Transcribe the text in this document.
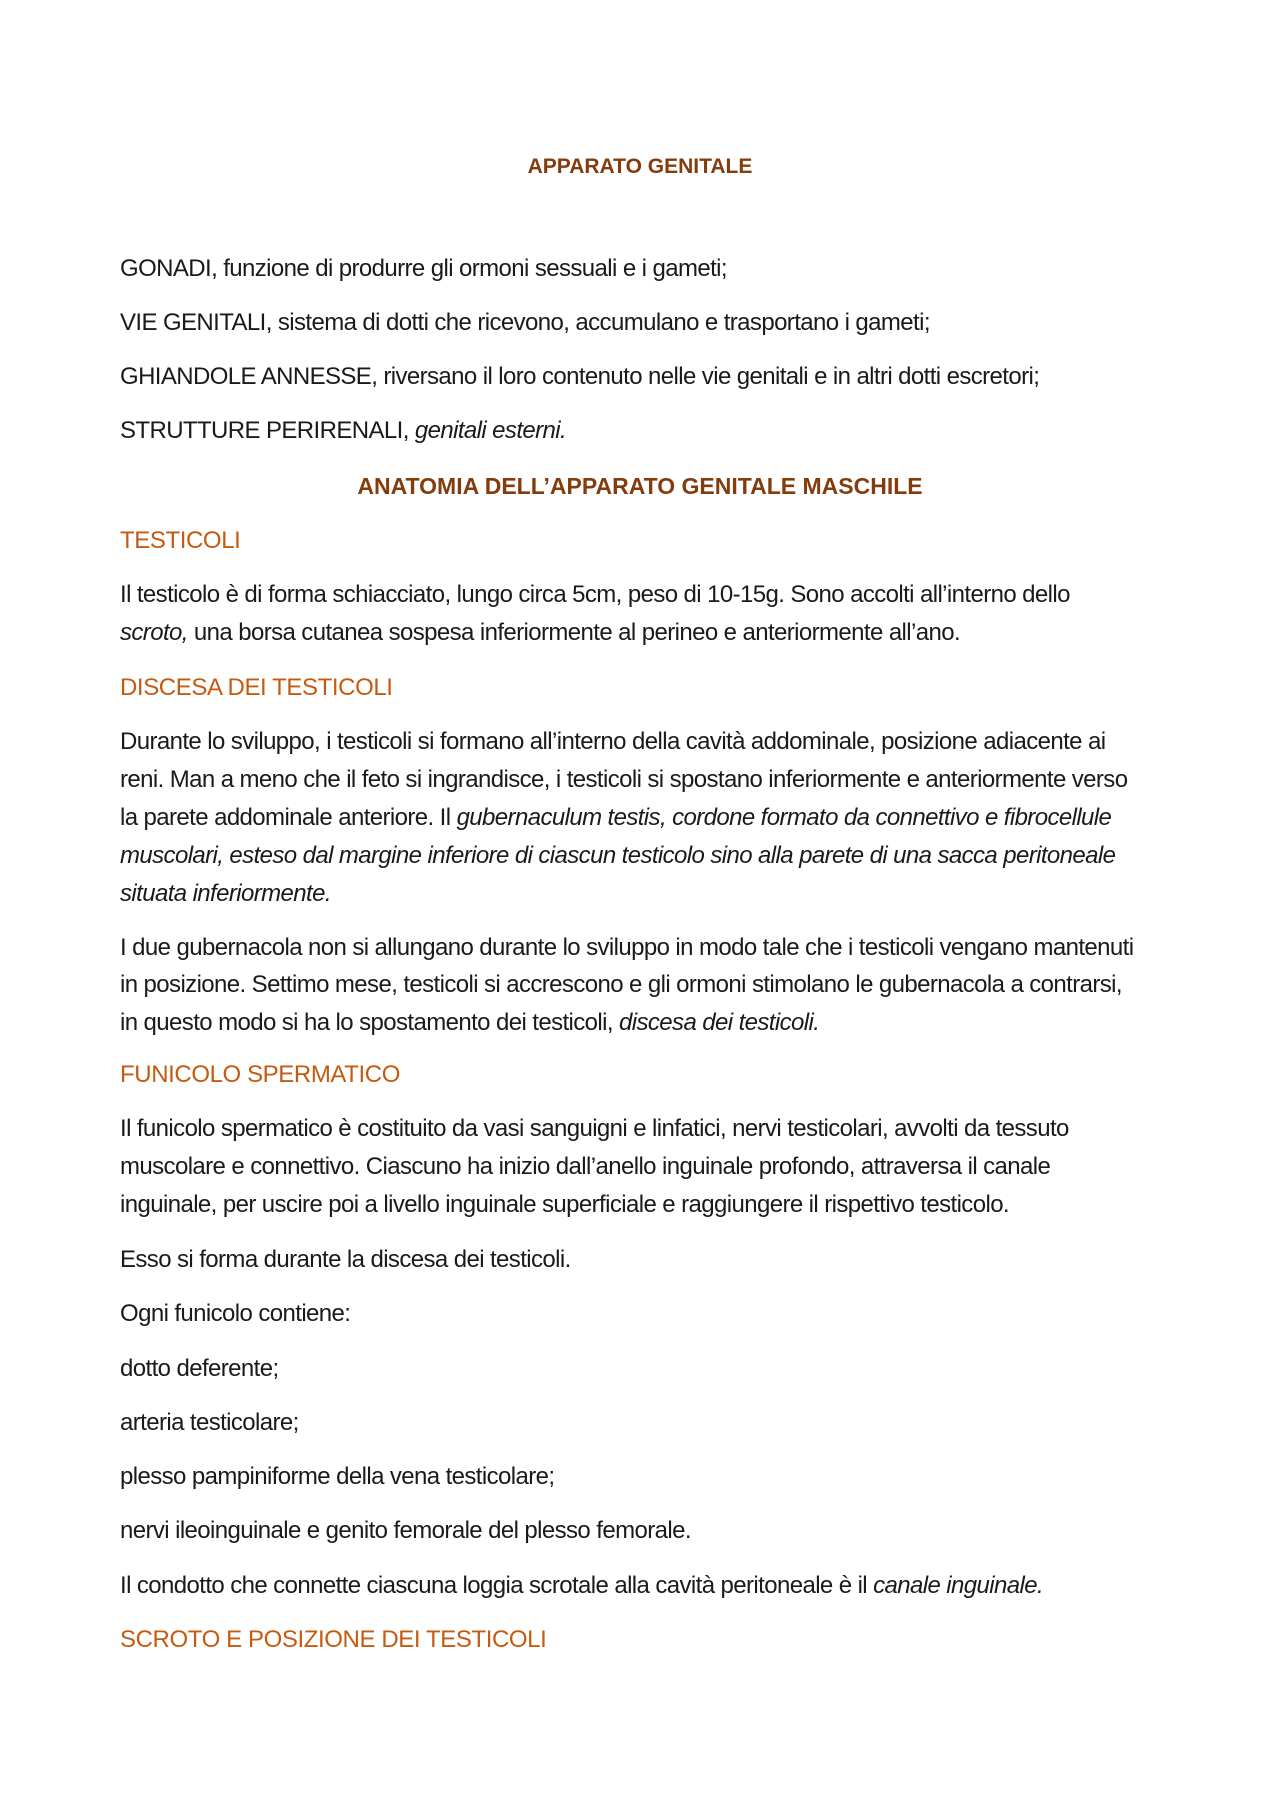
APPARATO GENITALE
GONADI, funzione di produrre gli ormoni sessuali e i gameti;
VIE GENITALI, sistema di dotti che ricevono, accumulano e trasportano i gameti;
GHIANDOLE ANNESSE, riversano il loro contenuto nelle vie genitali e in altri dotti escretori;
STRUTTURE PERIRENALI, genitali esterni.
ANATOMIA DELL’APPARATO GENITALE MASCHILE
TESTICOLI
Il testicolo è di forma schiacciato, lungo circa 5cm, peso di 10-15g. Sono accolti all’interno dello
scroto, una borsa cutanea sospesa inferiormente al perineo e anteriormente all’ano.
DISCESA DEI TESTICOLI
Durante lo sviluppo, i testicoli si formano all’interno della cavità addominale, posizione adiacente ai
reni. Man a meno che il feto si ingrandisce, i testicoli si spostano inferiormente e anteriormente verso
la parete addominale anteriore. Il gubernaculum testis, cordone formato da connettivo e fibrocellule
muscolari, esteso dal margine inferiore di ciascun testicolo sino alla parete di una sacca peritoneale
situata inferiormente.
I due gubernacola non si allungano durante lo sviluppo in modo tale che i testicoli vengano mantenuti
in posizione. Settimo mese, testicoli si accrescono e gli ormoni stimolano le gubernacola a contrarsi,
in questo modo si ha lo spostamento dei testicoli, discesa dei testicoli.
FUNICOLO SPERMATICO
Il funicolo spermatico è costituito da vasi sanguigni e linfatici, nervi testicolari, avvolti da tessuto
muscolare e connettivo. Ciascuno ha inizio dall’anello inguinale profondo, attraversa il canale
inguinale, per uscire poi a livello inguinale superficiale e raggiungere il rispettivo testicolo.
Esso si forma durante la discesa dei testicoli.
Ogni funicolo contiene:
dotto deferente;
arteria testicolare;
plesso pampiniforme della vena testicolare;
nervi ileoinguinale e genito femorale del plesso femorale.
Il condotto che connette ciascuna loggia scrotale alla cavità peritoneale è il canale inguinale.
SCROTO E POSIZIONE DEI TESTICOLI
